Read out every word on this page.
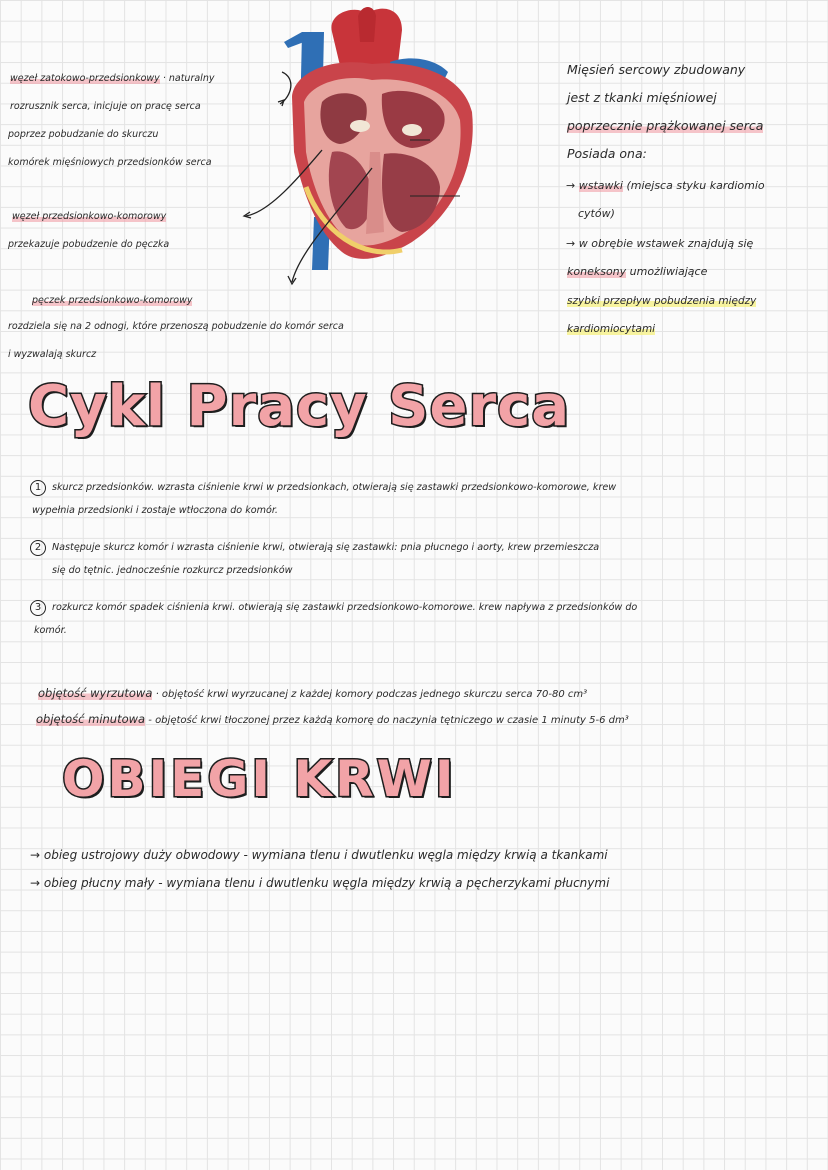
węzeł zatokowo-przedsionkowy · naturalny
rozrusznik serca, inicjuje on pracę serca
poprzez pobudzanie do skurczu
komórek mięśniowych przedsionków serca
węzeł przedsionkowo-komorowy
przekazuje pobudzenie do pęczka
pęczek przedsionkowo-komorowy
rozdziela się na 2 odnogi, które przenoszą pobudzenie do komór serca
i wyzwalają skurcz
Mięsień sercowy zbudowany
jest z tkanki mięśniowej
poprzecznie prążkowanej serca
Posiada ona:
→ wstawki (miejsca styku kardiomio
cytów)
→ w obrębie wstawek znajdują się
koneksony umożliwiające
szybki przepływ pobudzenia między
kardiomiocytami
Cykl Pracy Serca
1	skurcz przedsionków. wzrasta ciśnienie krwi w przedsionkach, otwierają się zastawki przedsionkowo-komorowe, krew
wypełnia przedsionki i zostaje wtłoczona do komór.
2	Następuje skurcz komór i wzrasta ciśnienie krwi, otwierają się zastawki: pnia płucnego i aorty, krew przemieszcza
się do tętnic. jednocześnie rozkurcz przedsionków
3	rozkurcz komór spadek ciśnienia krwi. otwierają się zastawki przedsionkowo-komorowe. krew napływa z przedsionków do
komór.
objętość wyrzutowa · objętość krwi wyrzucanej z każdej komory podczas jednego skurczu serca 70-80 cm³
objętość minutowa - objętość krwi tłoczonej przez każdą komorę do naczynia tętniczego w czasie 1 minuty 5-6 dm³
OBIEGI KRWI
→ obieg ustrojowy duży obwodowy - wymiana tlenu i dwutlenku węgla między krwią a tkankami
→ obieg płucny mały - wymiana tlenu i dwutlenku węgla między krwią a pęcherzykami płucnymi
